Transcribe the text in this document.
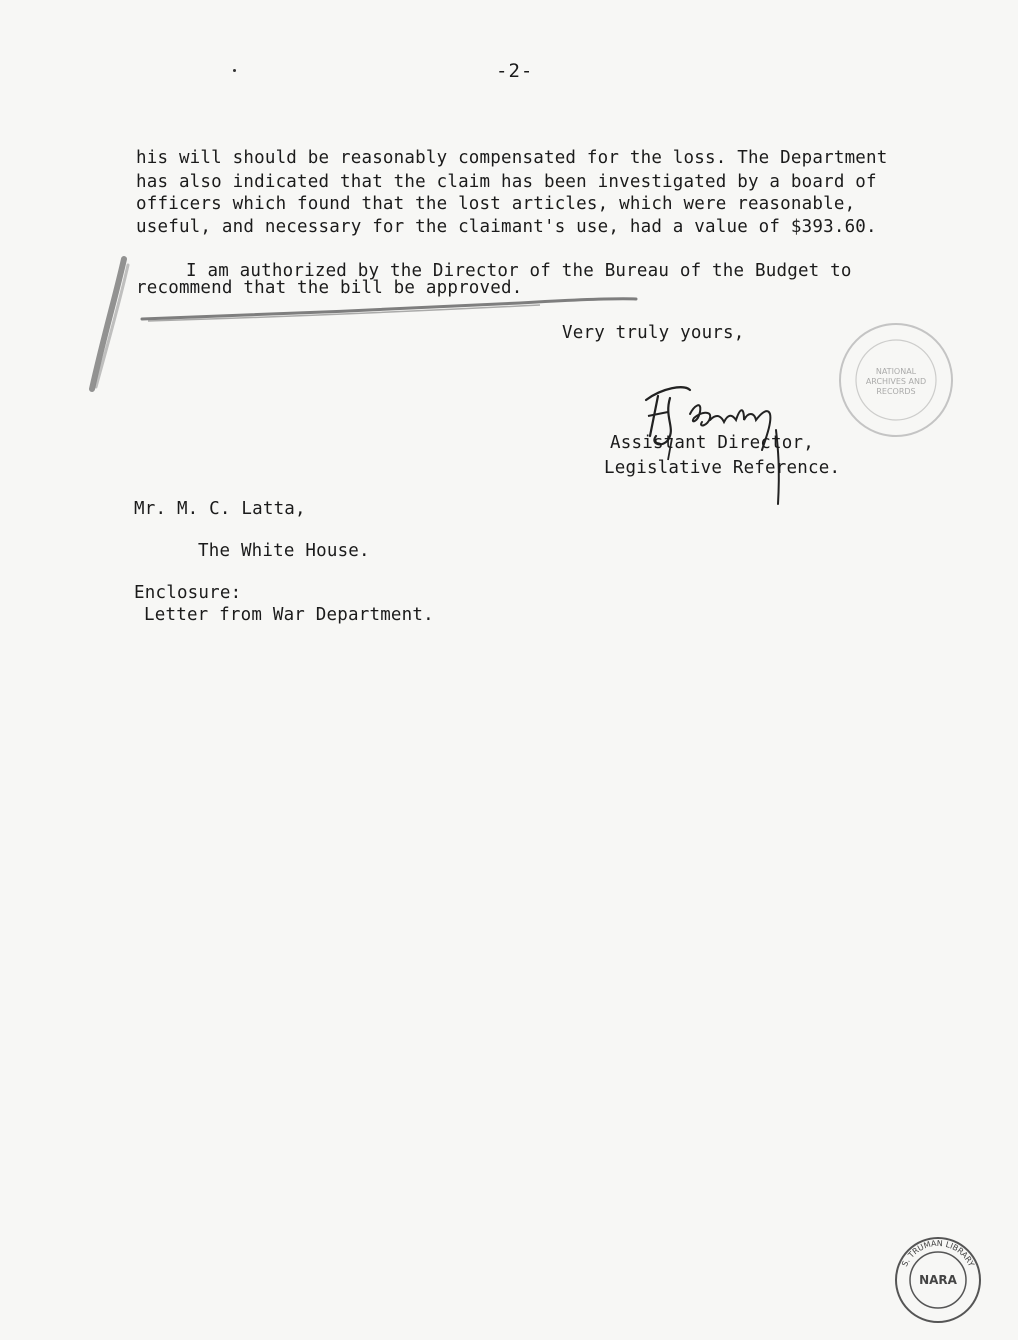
-2-
his will should be reasonably compensated for the loss. The Department
has also indicated that the claim has been investigated by a board of
officers which found that the lost articles, which were reasonable,
useful, and necessary for the claimant's use, had a value of $393.60.
I am authorized by the Director of the Bureau of the Budget to
recommend that the bill be approved.
Very truly yours,
Assistant Director,
Legislative Reference.
Mr. M. C. Latta,
The White House.
Enclosure:
Letter from War Department.
NATIONAL
ARCHIVES AND
RECORDS
NARA
S. TRUMAN LIBRARY
